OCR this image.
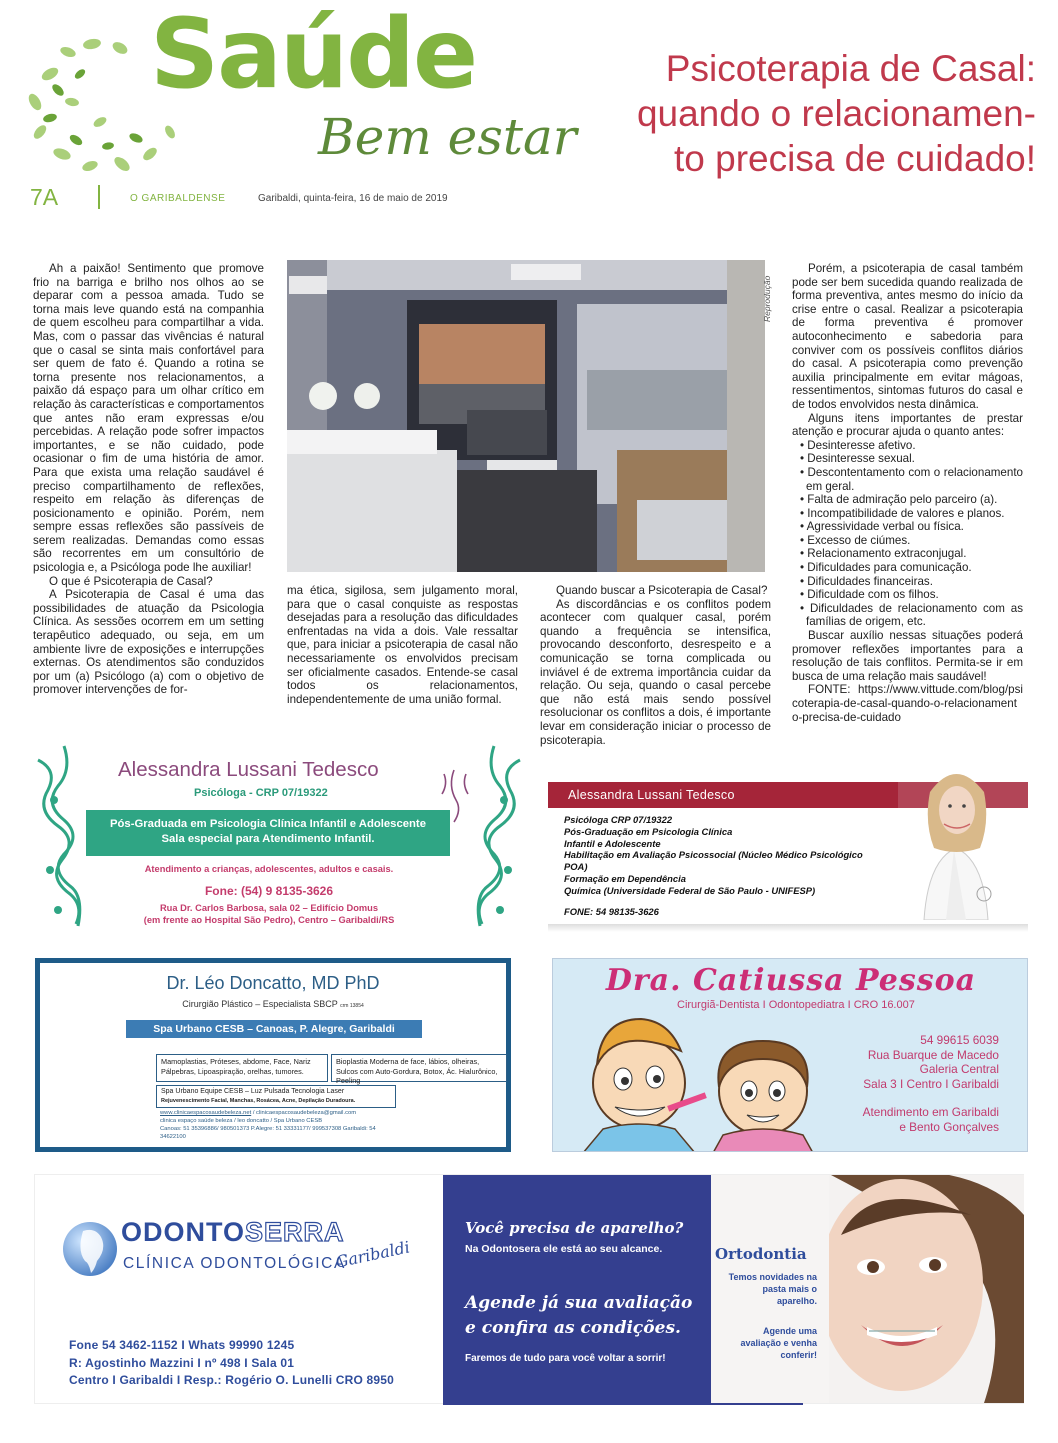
Saúde
Bem estar
7A	O GARIBALDENSE	Garibaldi, quinta-feira, 16 de maio de 2019
Psicoterapia de Casal:
quando o relacionamen-
to precisa de cuidado!

Ah a paixão! Sentimento que promove frio na barriga e brilho nos olhos ao se deparar com a pessoa amada. Tudo se torna mais leve quando está na companhia de quem escolheu para compartilhar a vida. Mas, com o passar das vivências é natural que o casal se sinta mais confortável para ser quem de fato é. Quando a rotina se torna presente nos relacionamentos, a paixão dá espaço para um olhar crítico em relação às características e comportamentos que antes não eram expressas e/ou percebidas. A relação pode sofrer impactos importantes, e se não cuidado, pode ocasionar o fim de uma história de amor. Para que exista uma relação saudável é preciso compartilhamento de reflexões, respeito em relação às diferenças de posicionamento e opinião. Porém, nem sempre essas reflexões são passíveis de serem realizadas. Demandas como essas são recorrentes em um consultório de psicologia e, a Psicóloga pode lhe auxiliar!

O que é Psicoterapia de Casal?

A Psicoterapia de Casal é uma das possibilidades de atuação da Psicologia Clínica. As sessões ocorrem em um setting terapêutico adequado, ou seja, em um ambiente livre de exposições e interrupções externas. Os atendimentos são conduzidos por um (a) Psicólogo (a) com o objetivo de promover intervenções de for-

Reprodução

ma ética, sigilosa, sem julgamento moral, para que o casal conquiste as respostas desejadas para a resolução das dificuldades enfrentadas na vida a dois. Vale ressaltar que, para iniciar a psicoterapia de casal não necessariamente os envolvidos precisam ser oficialmente casados. Entende-se casal todos os relacionamentos, independentemente de uma união formal.

Quando buscar a Psicoterapia de Casal?

As discordâncias e os conflitos podem acontecer com qualquer casal, porém quando a frequência se intensifica, provocando desconforto, desrespeito e a comunicação se torna complicada ou inviável é de extrema importância cuidar da relação. Ou seja, quando o casal percebe que não está mais sendo possível resolucionar os conflitos a dois, é importante levar em consideração iniciar o processo de psicoterapia.

Porém, a psicoterapia de casal também pode ser bem sucedida quando realizada de forma preventiva, antes mesmo do início da crise entre o casal. Realizar a psicoterapia de forma preventiva é promover autoconhecimento e sabedoria para conviver com os possíveis conflitos diários do casal. A psicoterapia como prevenção auxilia principalmente em evitar mágoas, ressentimentos, sintomas futuros do casal e de todos envolvidos nesta dinâmica.

Alguns itens importantes de prestar atenção e procurar ajuda o quanto antes:

• Desinteresse afetivo.

• Desinteresse sexual.

• Descontentamento com o relacionamento em geral.

• Falta de admiração pelo parceiro (a).

• Incompatibilidade de valores e planos.

• Agressividade verbal ou física.

• Excesso de ciúmes.

• Relacionamento extraconjugal.

• Dificuldades para comunicação.

• Dificuldades financeiras.

• Dificuldade com os filhos.

• Dificuldades de relacionamento com as famílias de origem, etc.

Buscar auxílio nessas situações poderá promover reflexões importantes para a resolução de tais conflitos. Permita-se ir em busca de uma relação mais saudável!

FONTE: https://www.vittude.com/blog/psicoterapia-de-casal-quando-o-relacionamento-precisa-de-cuidado

Alessandra Lussani Tedesco
Psicóloga - CRP 07/19322
Pós-Graduada em Psicologia Clínica Infantil e Adolescente
Sala especial para Atendimento Infantil.
Atendimento a crianças, adolescentes, adultos e casais.
Fone: (54) 9 8135-3626
Rua Dr. Carlos Barbosa, sala 02 – Edifício Domus
(em frente ao Hospital São Pedro), Centro – Garibaldi/RS
Alessandra Lussani Tedesco
Psicóloga CRP 07/19322
Pós-Graduação em Psicologia Clínica
Infantil e Adolescente
Habilitação em Avaliação Psicossocial (Núcleo Médico Psicológico
POA)
Formação em Dependência
Química (Universidade Federal de São Paulo - UNIFESP)
FONE: 54 98135-3626
Dr. Léo Doncatto, MD PhD
Cirurgião Plástico – Especialista SBCP crm 13854
Spa Urbano CESB – Canoas, P. Alegre, Garibaldi
Mamoplastias, Próteses, abdome, Face, Nariz Pálpebras, Lipoaspiração, orelhas, tumores.
Bioplastia Moderna de face, lábios, olheiras, Sulcos com Auto-Gordura, Botox, Ác. Hialurônico, Peeling
Spa Urbano Equipe CESB – Luz Pulsada Tecnologia Laser
Rejuvenescimento Facial, Manchas, Rosácea, Acne, Depilação Duradoura.
www.clinicaespacosaudebeleza.net / clinicaespacosaudebeleza@gmail.com
clinica espaço saúde beleza / leo doncatto / Spa Urbano CESB
Canoas: 51 35396886/ 980501373 P.Alegre: 51 33331177/ 999537308 Garibaldi: 54 34622100
Dra. Catiussa Pessoa
Cirurgiã-Dentista I Odontopediatra I CRO 16.007
54 99615 6039
Rua Buarque de Macedo
Galeria Central
Sala 3 I Centro I Garibaldi
Atendimento em Garibaldi
e Bento Gonçalves
ODONTOSERRA
CLÍNICA ODONTOLÓGICA
Garibaldi
Fone 54 3462-1152 I Whats 99990 1245
R: Agostinho Mazzini I nº 498 I Sala 01
Centro I Garibaldi I Resp.: Rogério O. Lunelli CRO 8950
Você precisa de aparelho?
Na Odontosera ele está ao seu alcance.
Agende já sua avaliação
e confira as condições.
Faremos de tudo para você voltar a sorrir!
Ortodontia
Temos novidades na pasta mais o aparelho.
Agende uma avaliação e venha conferir!
